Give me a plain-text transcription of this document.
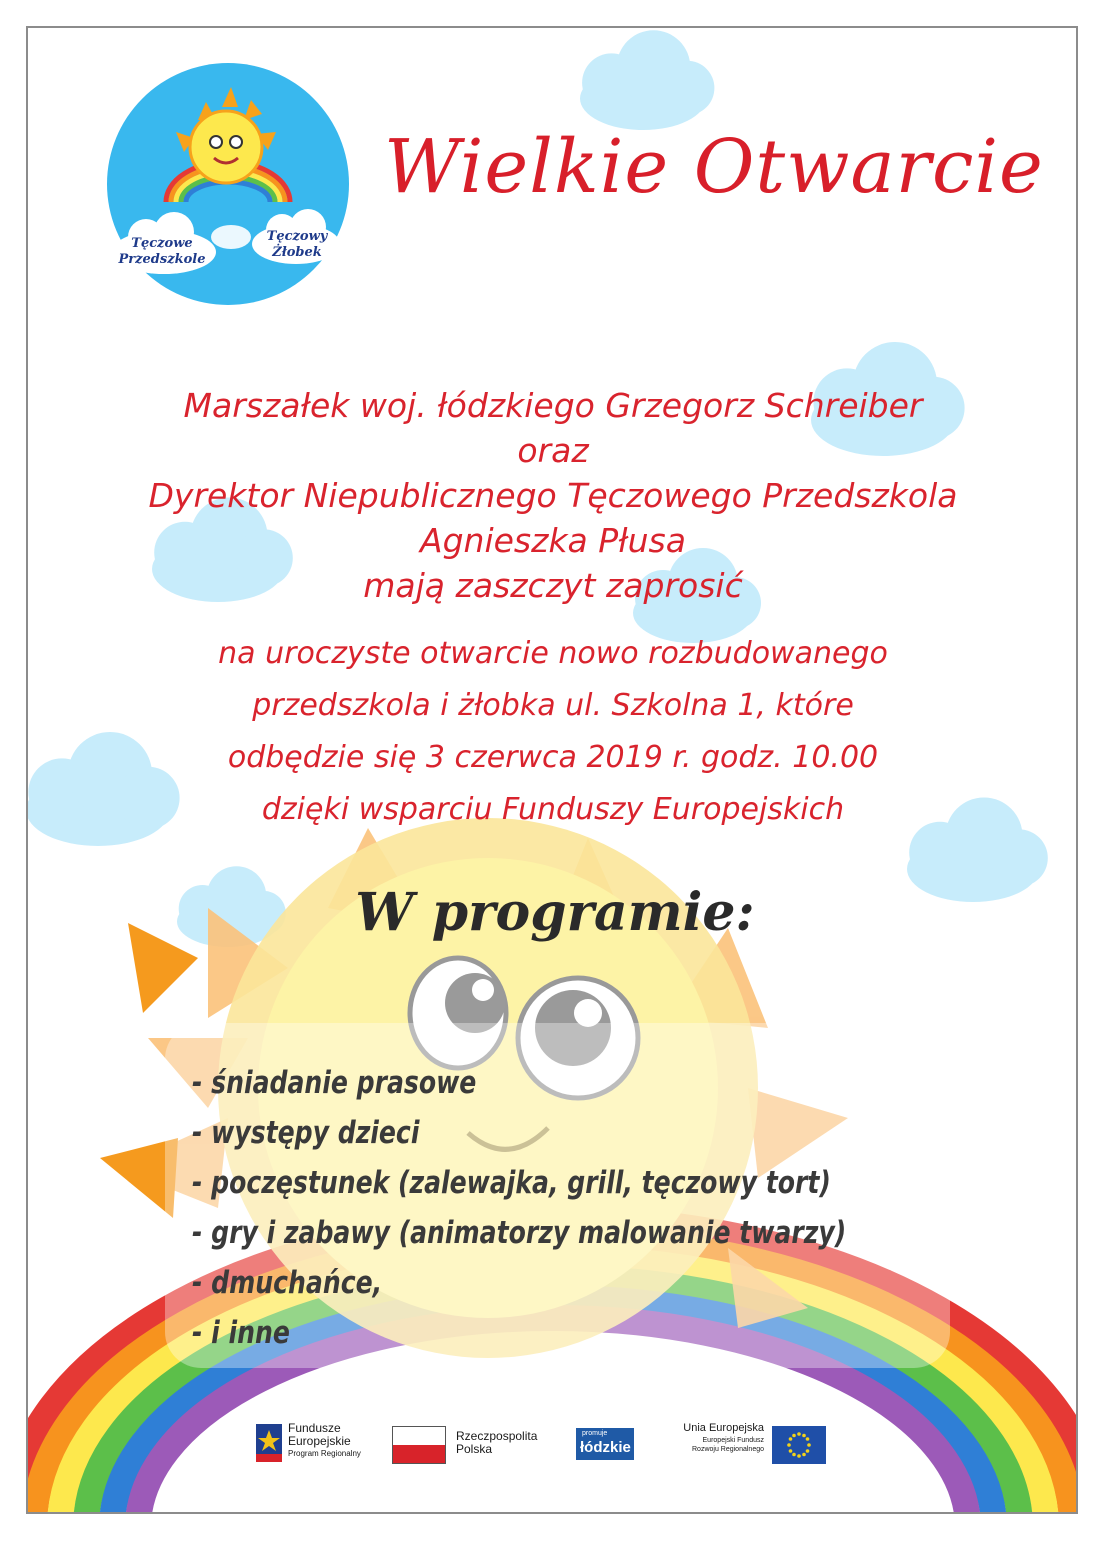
Tęczowe
Przedszkole
Tęczowy
Żłobek
Wielkie Otwarcie
Marszałek woj. łódzkiego Grzegorz Schreiber
oraz
Dyrektor Niepublicznego Tęczowego Przedszkola
Agnieszka Płusa
mają zaszczyt zaprosić
na uroczyste otwarcie nowo rozbudowanego
przedszkola i żłobka ul. Szkolna 1, które
odbędzie się 3 czerwca 2019 r. godz. 10.00
dzięki wsparciu Funduszy Europejskich
W programie:
- śniadanie prasowe
- występy dzieci
- poczęstunek (zalewajka, grill, tęczowy tort)
- gry i zabawy (animatorzy malowanie twarzy)
- dmuchańce,
- i inne
Fundusze
Europejskie
Program Regionalny
Rzeczpospolita
Polska
promuje
łódzkie
Unia Europejska
Europejski Fundusz
Rozwoju Regionalnego
